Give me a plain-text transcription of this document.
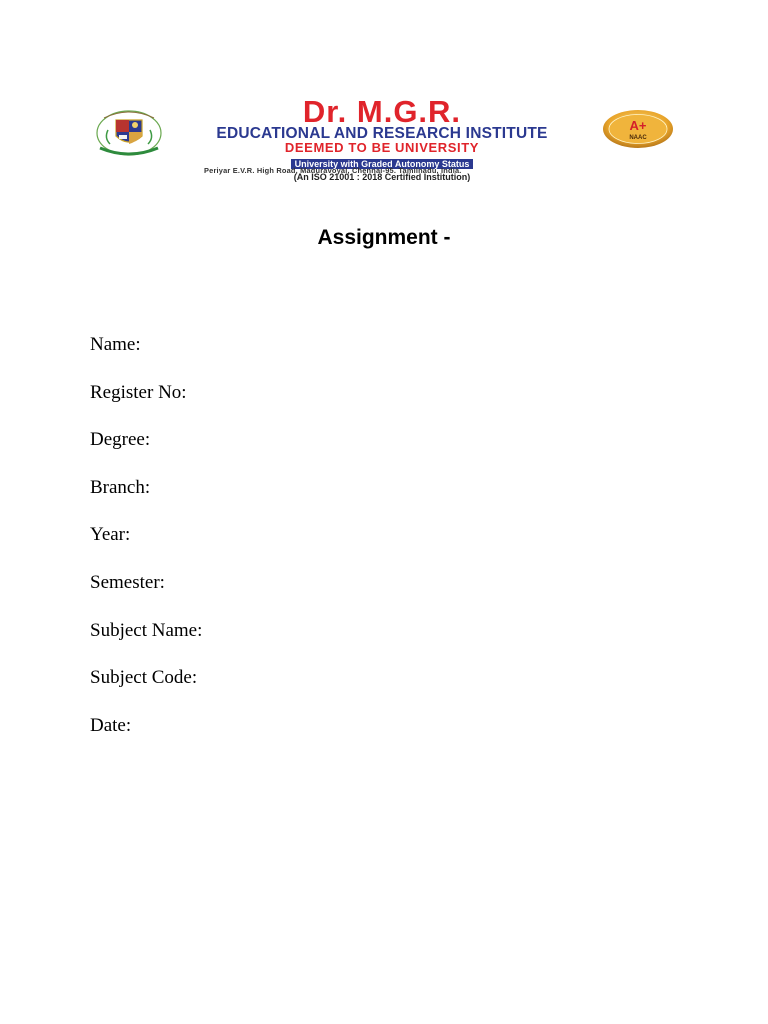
Dr. M.G.R.
EDUCATIONAL AND RESEARCH INSTITUTE
DEEMED TO BE UNIVERSITY
University with Graded Autonomy Status
(An ISO 21001 : 2018 Certified Institution)
Periyar E.V.R. High Road, Maduravoyal, Chennai-95. Tamilnadu, India.
A+
NAAC
Assignment -
Name:
Register No:
Degree:
Branch:
Year:
Semester:
Subject Name:
Subject Code:
Date:
